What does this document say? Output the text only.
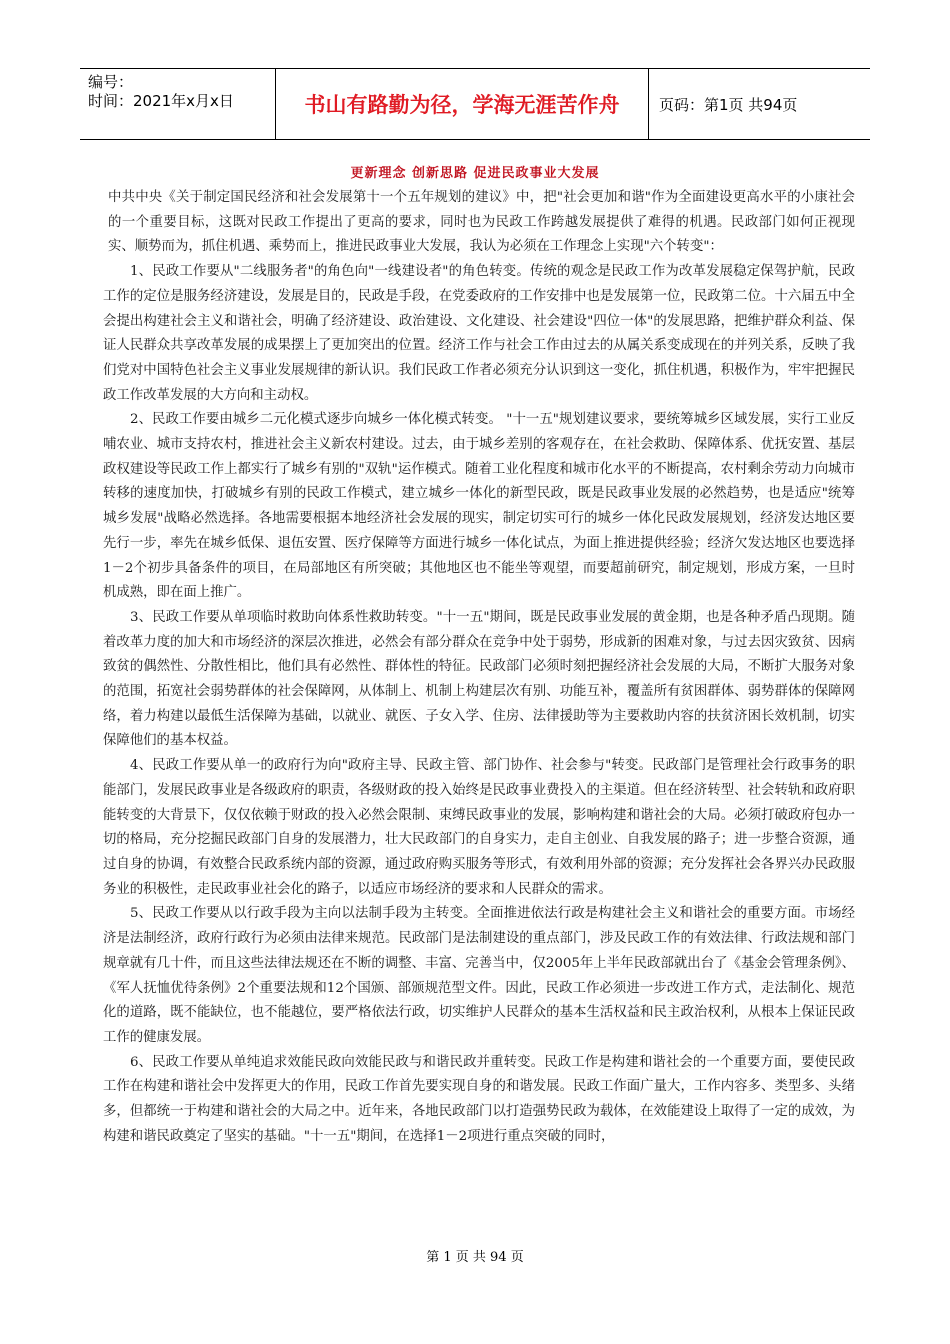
编号：
时间：2021年x月x日	书山有路勤为径，学海无涯苦作舟	页码：第1页 共94页
更新理念 创新思路 促进民政事业大发展

中共中央《关于制定国民经济和社会发展第十一个五年规划的建议》中，把"社会更加和谐"作为全面建设更高水平的小康社会的一个重要目标，这既对民政工作提出了更高的要求，同时也为民政工作跨越发展提供了难得的机遇。民政部门如何正视现实、顺势而为，抓住机遇、乘势而上，推进民政事业大发展，我认为必须在工作理念上实现"六个转变"：

1、民政工作要从"二线服务者"的角色向"一线建设者"的角色转变。传统的观念是民政工作为改革发展稳定保驾护航，民政工作的定位是服务经济建设，发展是目的，民政是手段，在党委政府的工作安排中也是发展第一位，民政第二位。十六届五中全会提出构建社会主义和谐社会，明确了经济建设、政治建设、文化建设、社会建设"四位一体"的发展思路，把维护群众利益、保证人民群众共享改革发展的成果摆上了更加突出的位置。经济工作与社会工作由过去的从属关系变成现在的并列关系，反映了我们党对中国特色社会主义事业发展规律的新认识。我们民政工作者必须充分认识到这一变化，抓住机遇，积极作为，牢牢把握民政工作改革发展的大方向和主动权。

2、民政工作要由城乡二元化模式逐步向城乡一体化模式转变。 "十一五"规划建议要求，要统筹城乡区域发展，实行工业反哺农业、城市支持农村，推进社会主义新农村建设。过去，由于城乡差别的客观存在，在社会救助、保障体系、优抚安置、基层政权建设等民政工作上都实行了城乡有别的"双轨"运作模式。随着工业化程度和城市化水平的不断提高，农村剩余劳动力向城市转移的速度加快，打破城乡有别的民政工作模式，建立城乡一体化的新型民政，既是民政事业发展的必然趋势，也是适应"统筹城乡发展"战略必然选择。各地需要根据本地经济社会发展的现实，制定切实可行的城乡一体化民政发展规划，经济发达地区要先行一步，率先在城乡低保、退伍安置、医疗保障等方面进行城乡一体化试点，为面上推进提供经验；经济欠发达地区也要选择1－2个初步具备条件的项目，在局部地区有所突破；其他地区也不能坐等观望，而要超前研究，制定规划，形成方案，一旦时机成熟，即在面上推广。

3、民政工作要从单项临时救助向体系性救助转变。"十一五"期间，既是民政事业发展的黄金期，也是各种矛盾凸现期。随着改革力度的加大和市场经济的深层次推进，必然会有部分群众在竞争中处于弱势，形成新的困难对象，与过去因灾致贫、因病致贫的偶然性、分散性相比，他们具有必然性、群体性的特征。民政部门必须时刻把握经济社会发展的大局，不断扩大服务对象的范围，拓宽社会弱势群体的社会保障网，从体制上、机制上构建层次有别、功能互补，覆盖所有贫困群体、弱势群体的保障网络，着力构建以最低生活保障为基础，以就业、就医、子女入学、住房、法律援助等为主要救助内容的扶贫济困长效机制，切实保障他们的基本权益。

4、民政工作要从单一的政府行为向"政府主导、民政主管、部门协作、社会参与"转变。民政部门是管理社会行政事务的职能部门，发展民政事业是各级政府的职责，各级财政的投入始终是民政事业费投入的主渠道。但在经济转型、社会转轨和政府职能转变的大背景下，仅仅依赖于财政的投入必然会限制、束缚民政事业的发展，影响构建和谐社会的大局。必须打破政府包办一切的格局，充分挖掘民政部门自身的发展潜力，壮大民政部门的自身实力，走自主创业、自我发展的路子；进一步整合资源，通过自身的协调，有效整合民政系统内部的资源，通过政府购买服务等形式，有效利用外部的资源；充分发挥社会各界兴办民政服务业的积极性，走民政事业社会化的路子，以适应市场经济的要求和人民群众的需求。

5、民政工作要从以行政手段为主向以法制手段为主转变。全面推进依法行政是构建社会主义和谐社会的重要方面。市场经济是法制经济，政府行政行为必须由法律来规范。民政部门是法制建设的重点部门，涉及民政工作的有效法律、行政法规和部门规章就有几十件，而且这些法律法规还在不断的调整、丰富、完善当中，仅2005年上半年民政部就出台了《基金会管理条例》、《军人抚恤优待条例》2个重要法规和12个国颁、部颁规范型文件。因此，民政工作必须进一步改进工作方式，走法制化、规范化的道路，既不能缺位，也不能越位，要严格依法行政，切实维护人民群众的基本生活权益和民主政治权利，从根本上保证民政工作的健康发展。

6、民政工作要从单纯追求效能民政向效能民政与和谐民政并重转变。民政工作是构建和谐社会的一个重要方面，要使民政工作在构建和谐社会中发挥更大的作用，民政工作首先要实现自身的和谐发展。民政工作面广量大，工作内容多、类型多、头绪多，但都统一于构建和谐社会的大局之中。近年来，各地民政部门以打造强势民政为载体，在效能建设上取得了一定的成效，为构建和谐民政奠定了坚实的基础。"十一五"期间，在选择1－2项进行重点突破的同时，

第 1 页 共 94 页
